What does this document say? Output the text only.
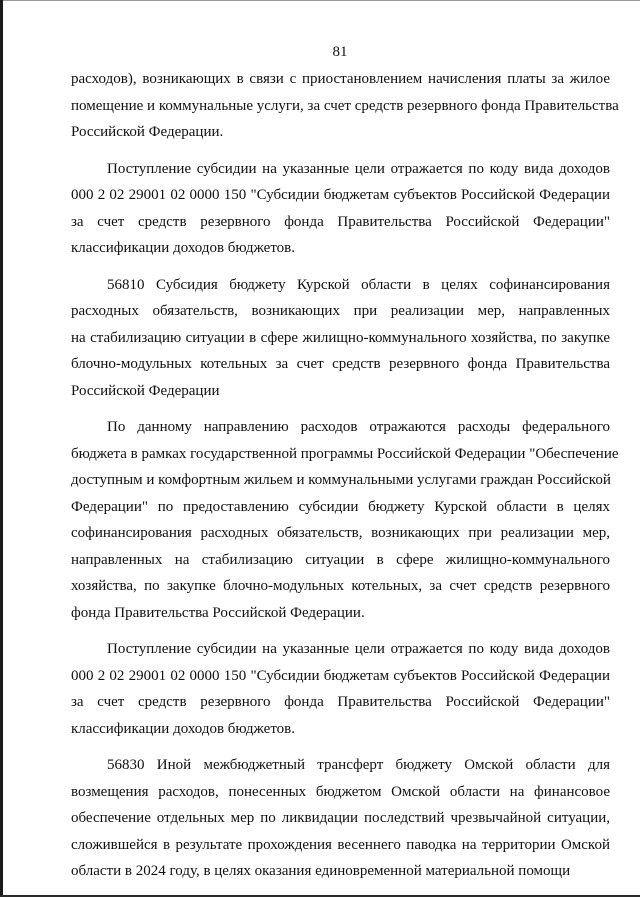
81
расходов), возникающих в связи с приостановлением начисления платы за жилое
помещение и коммунальные услуги, за счет средств резервного фонда Правительства
Российской Федерации.
Поступление субсидии на указанные цели отражается по коду вида доходов
000 2 02 29001 02 0000 150 "Субсидии бюджетам субъектов Российской Федерации
за счет средств резервного фонда Правительства Российской Федерации"
классификации доходов бюджетов.
56810 Субсидия бюджету Курской области в целях софинансирования
расходных обязательств, возникающих при реализации мер, направленных
на стабилизацию ситуации в сфере жилищно-коммунального хозяйства, по закупке
блочно-модульных котельных за счет средств резервного фонда Правительства
Российской Федерации
По данному направлению расходов отражаются расходы федерального
бюджета в рамках государственной программы Российской Федерации "Обеспечение
доступным и комфортным жильем и коммунальными услугами граждан Российской
Федерации" по предоставлению субсидии бюджету Курской области в целях
софинансирования расходных обязательств, возникающих при реализации мер,
направленных на стабилизацию ситуации в сфере жилищно-коммунального
хозяйства, по закупке блочно-модульных котельных, за счет средств резервного
фонда Правительства Российской Федерации.
Поступление субсидии на указанные цели отражается по коду вида доходов
000 2 02 29001 02 0000 150 "Субсидии бюджетам субъектов Российской Федерации
за счет средств резервного фонда Правительства Российской Федерации"
классификации доходов бюджетов.
56830 Иной межбюджетный трансферт бюджету Омской области для
возмещения расходов, понесенных бюджетом Омской области на финансовое
обеспечение отдельных мер по ликвидации последствий чрезвычайной ситуации,
сложившейся в результате прохождения весеннего паводка на территории Омской
области в 2024 году, в целях оказания единовременной материальной помощи
